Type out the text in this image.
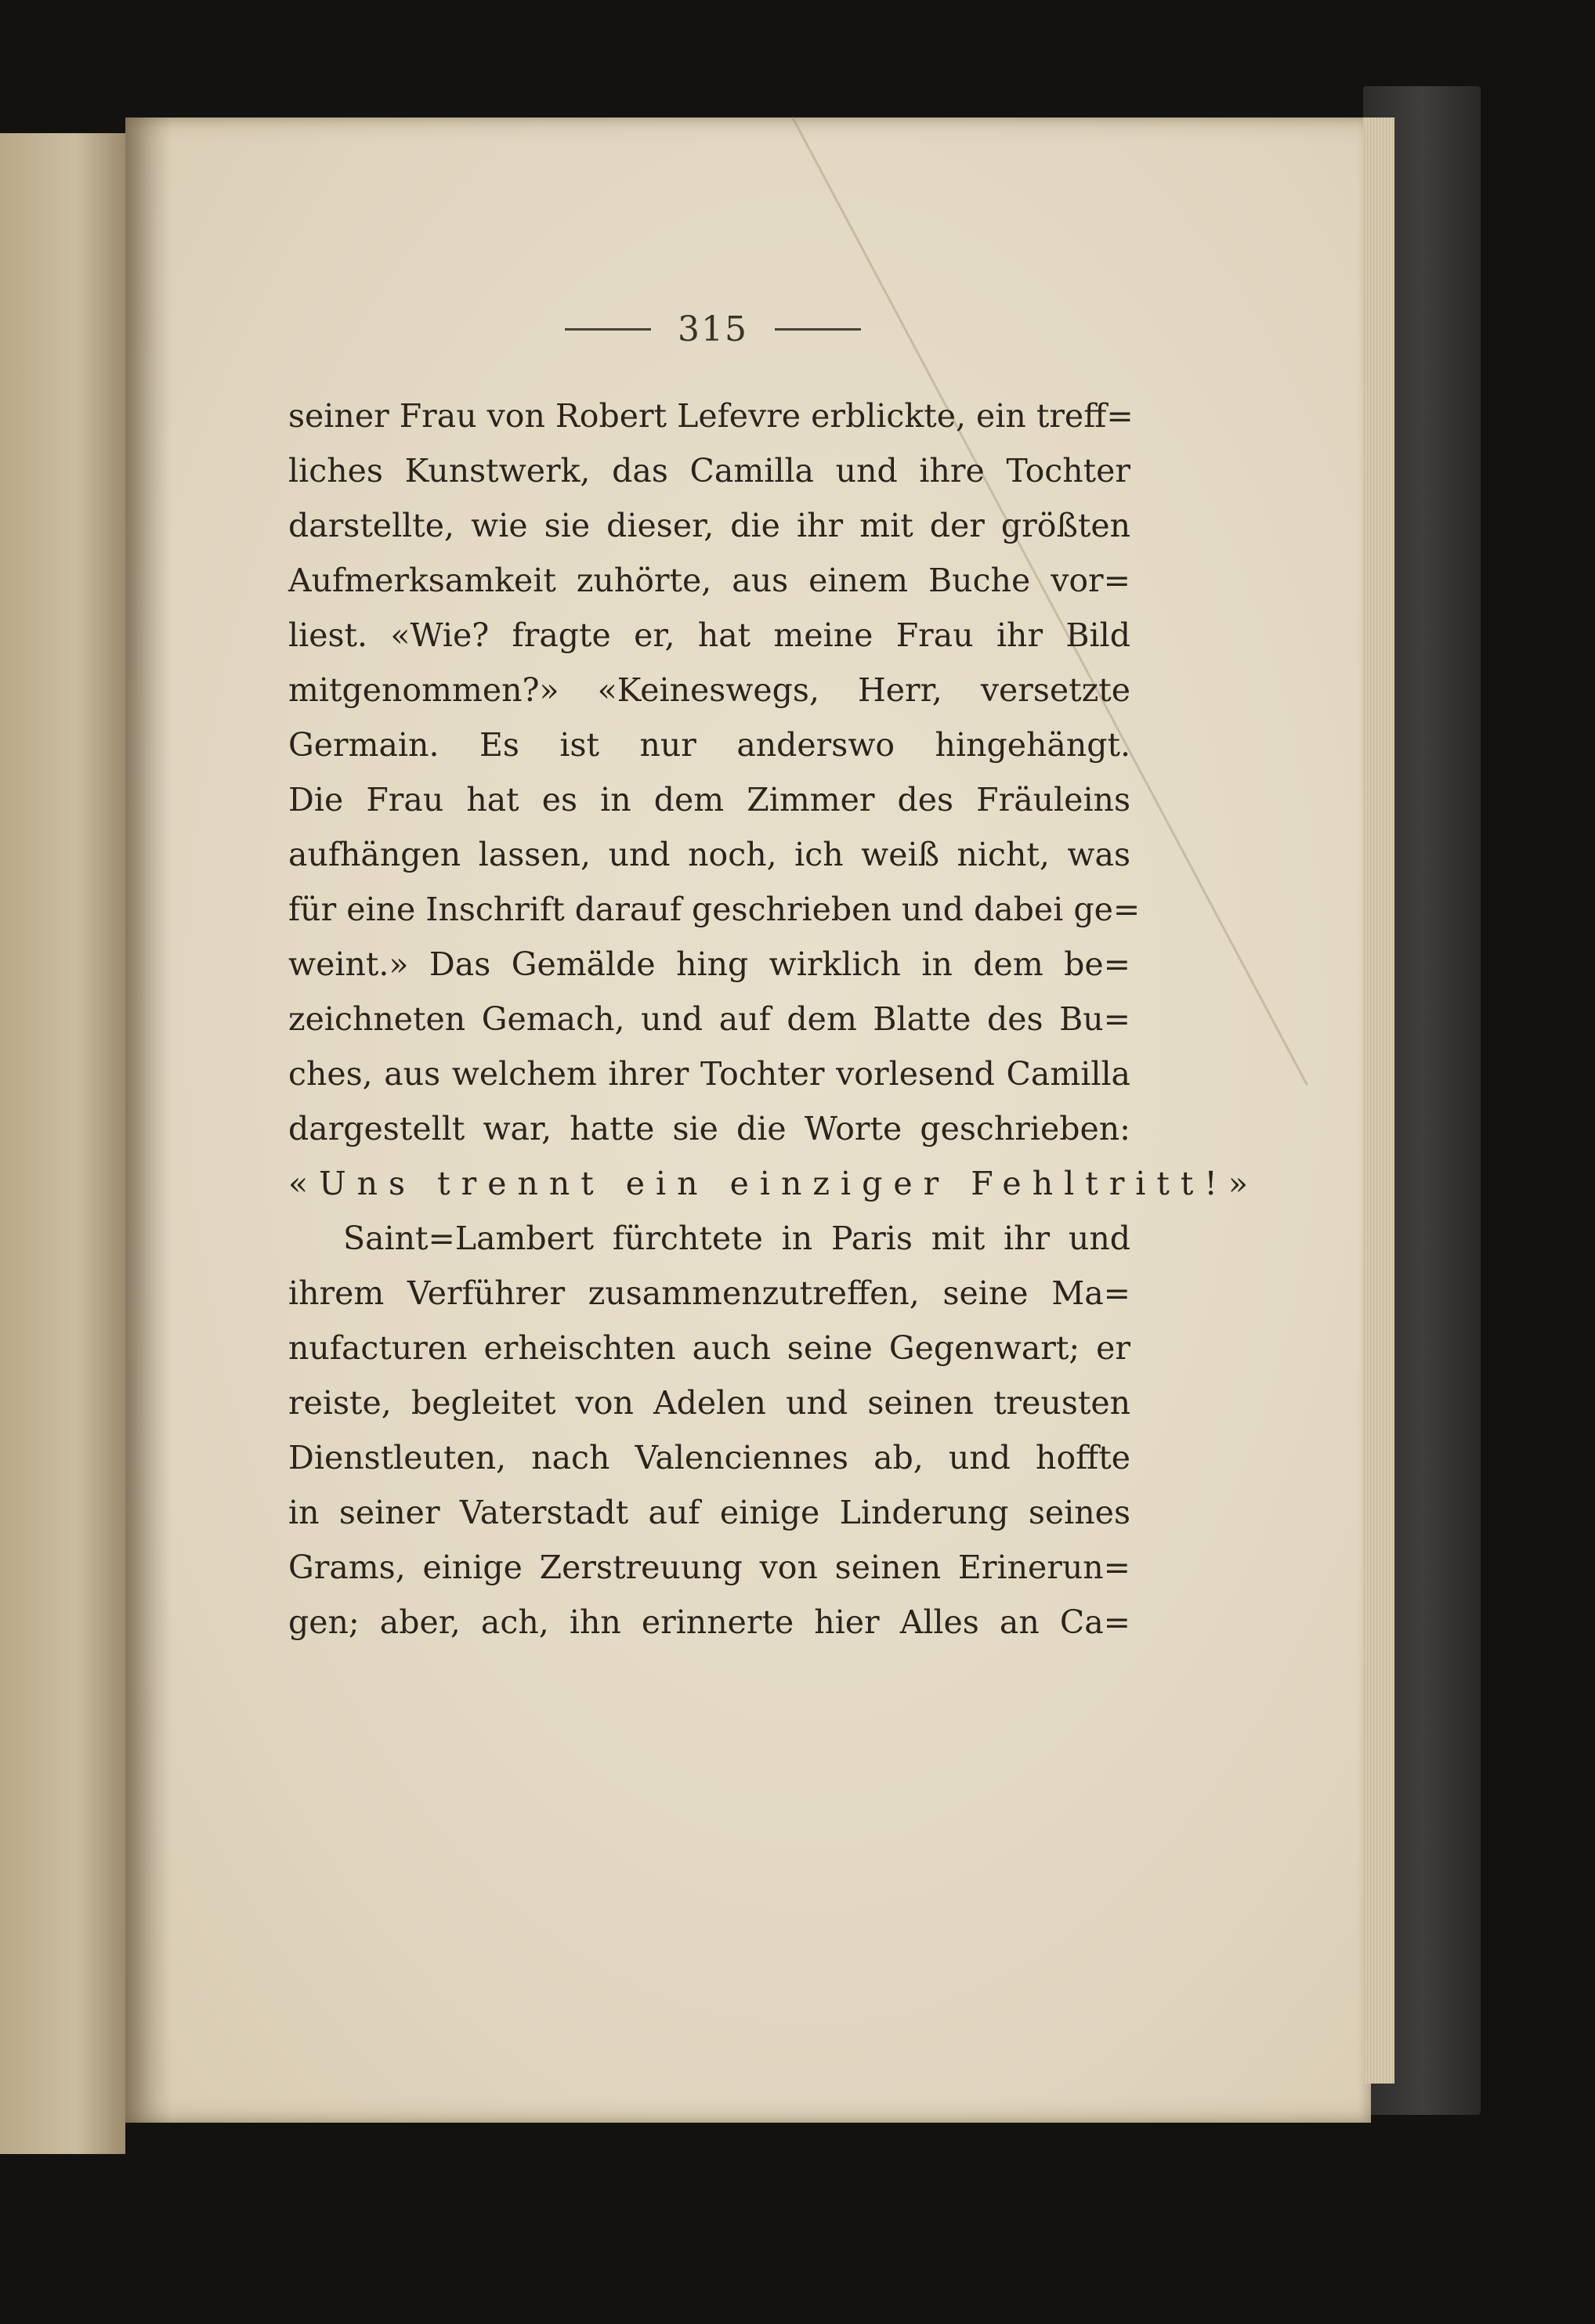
315
seiner Frau von Robert Lefevre erblickte, ein treff=
liches Kunstwerk, das Camilla und ihre Tochter
darstellte, wie sie dieser, die ihr mit der größten
Aufmerksamkeit zuhörte, aus einem Buche vor=
liest. «Wie? fragte er, hat meine Frau ihr Bild
mitgenommen?» «Keineswegs, Herr, versetzte
Germain. Es ist nur anderswo hingehängt.
Die Frau hat es in dem Zimmer des Fräuleins
aufhängen lassen, und noch, ich weiß nicht, was
für eine Inschrift darauf geschrieben und dabei ge=
weint.» Das Gemälde hing wirklich in dem be=
zeichneten Gemach, und auf dem Blatte des Bu=
ches, aus welchem ihrer Tochter vorlesend Camilla
dargestellt war, hatte sie die Worte geschrieben:
«Uns trennt ein einziger Fehltritt!»
Saint=Lambert fürchtete in Paris mit ihr und
ihrem Verführer zusammenzutreffen, seine Ma=
nufacturen erheischten auch seine Gegenwart; er
reiste, begleitet von Adelen und seinen treusten
Dienstleuten, nach Valenciennes ab, und hoffte
in seiner Vaterstadt auf einige Linderung seines
Grams, einige Zerstreuung von seinen Erinerun=
gen; aber, ach, ihn erinnerte hier Alles an Ca=
